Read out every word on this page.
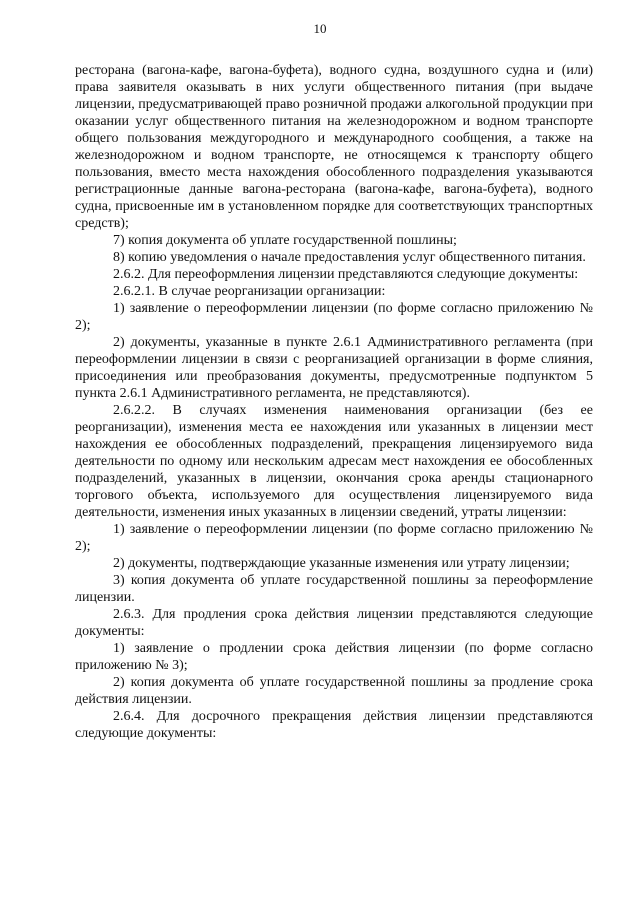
10

ресторана (вагона-кафе, вагона-буфета), водного судна, воздушного судна и (или) права заявителя оказывать в них услуги общественного питания (при выдаче лицензии, предусматривающей право розничной продажи алкогольной продукции при оказании услуг общественного питания на железнодорожном и водном транспорте общего пользования междугородного и международного сообщения, а также на железнодорожном и водном транспорте, не относящемся к транспорту общего пользования, вместо места нахождения обособленного подразделения указываются регистрационные данные вагона-ресторана (вагона-кафе, вагона-буфета), водного судна, присвоенные им в установленном порядке для соответствующих транспортных средств);

7) копия документа об уплате государственной пошлины;

8) копию уведомления о начале предоставления услуг общественного питания.

2.6.2. Для переоформления лицензии представляются следующие документы:

2.6.2.1. В случае реорганизации организации:

1) заявление о переоформлении лицензии (по форме согласно приложению № 2);

2) документы, указанные в пункте 2.6.1 Административного регламента (при переоформлении лицензии в связи с реорганизацией организации в форме слияния, присоединения или преобразования документы, предусмотренные подпунктом 5 пункта 2.6.1 Административного регламента, не представляются).

2.6.2.2. В случаях изменения наименования организации (без ее реорганизации), изменения места ее нахождения или указанных в лицензии мест нахождения ее обособленных подразделений, прекращения лицензируемого вида деятельности по одному или нескольким адресам мест нахождения ее обособленных подразделений, указанных в лицензии, окончания срока аренды стационарного торгового объекта, используемого для осуществления лицензируемого вида деятельности, изменения иных указанных в лицензии сведений, утраты лицензии:

1) заявление о переоформлении лицензии (по форме согласно приложению № 2);

2) документы, подтверждающие указанные изменения или утрату лицензии;

3) копия документа об уплате государственной пошлины за переоформление лицензии.

2.6.3. Для продления срока действия лицензии представляются следующие документы:

1) заявление о продлении срока действия лицензии (по форме согласно приложению № 3);

2) копия документа об уплате государственной пошлины за продление срока действия лицензии.

2.6.4. Для досрочного прекращения действия лицензии представляются следующие документы:
